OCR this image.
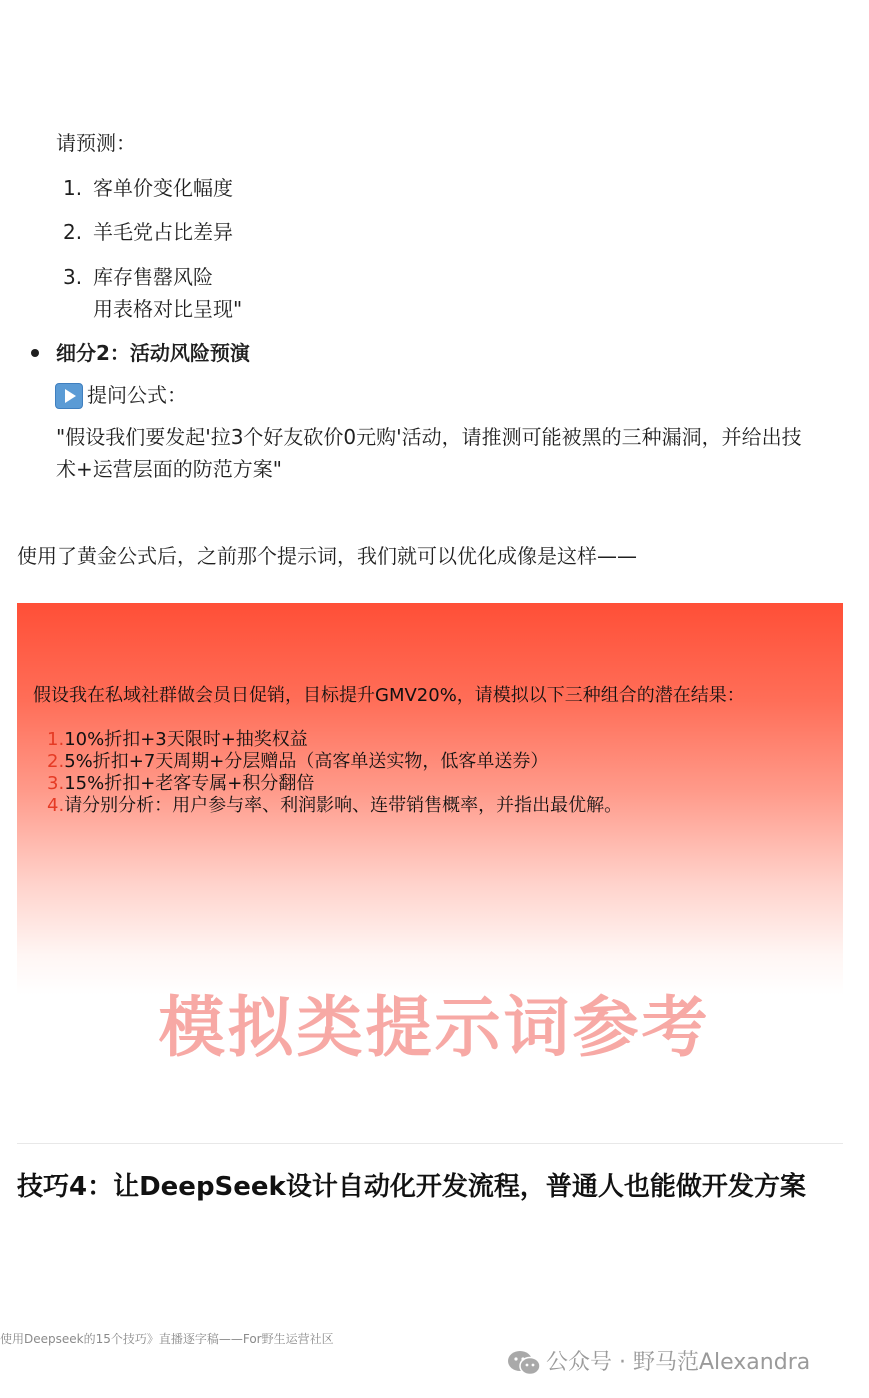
请预测：
1. 客单价变化幅度
2. 羊毛党占比差异
3. 库存售罄风险
用表格对比呈现"
细分2：活动风险预演
提问公式：
"假设我们要发起'拉3个好友砍价0元购'活动，请推测可能被黑的三种漏洞，并给出技
术+运营层面的防范方案"
使用了黄金公式后，之前那个提示词，我们就可以优化成像是这样——
假设我在私域社群做会员日促销，目标提升GMV20%，请模拟以下三种组合的潜在结果：
1.10%折扣+3天限时+抽奖权益
2.5%折扣+7天周期+分层赠品（高客单送实物，低客单送券）
3.15%折扣+老客专属+积分翻倍
4.请分别分析：用户参与率、利润影响、连带销售概率，并指出最优解。
模拟类提示词参考
技巧4：让DeepSeek设计自动化开发流程，普通人也能做开发方案
使用Deepseek的15个技巧》直播逐字稿——For野生运营社区
公众号 · 野马范Alexandra
